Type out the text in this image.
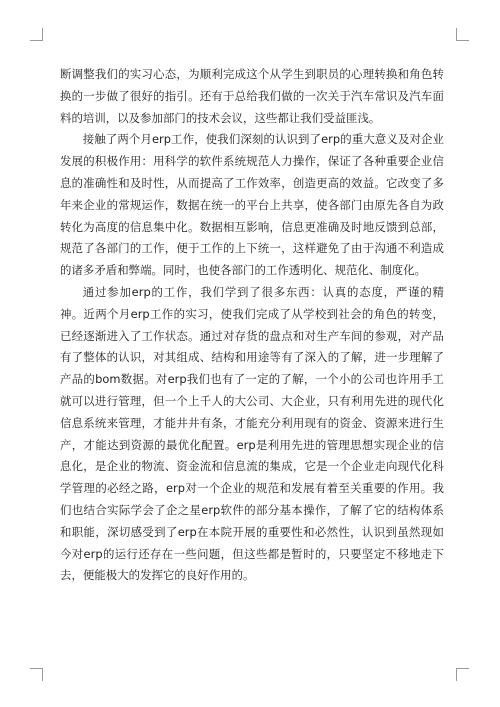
断调整我们的实习心态，为顺利完成这个从学生到职员的心理转换和角色转换的一步做了很好的指引。还有于总给我们做的一次关于汽车常识及汽车面料的培训，以及参加部门的技术会议，这些都让我们受益匪浅。

接触了两个月erp工作，使我们深刻的认识到了erp的重大意义及对企业发展的积极作用：用科学的软件系统规范人力操作，保证了各种重要企业信息的准确性和及时性，从而提高了工作效率，创造更高的效益。它改变了多年来企业的常规运作，数据在统一的平台上共享，使各部门由原先各自为政转化为高度的信息集中化。数据相互影响，信息更准确及时地反馈到总部，规范了各部门的工作，便于工作的上下统一，这样避免了由于沟通不利造成的诸多矛盾和弊端。同时，也使各部门的工作透明化、规范化、制度化。

通过参加erp的工作，我们学到了很多东西：认真的态度，严谨的精神。近两个月erp工作的实习，使我们完成了从学校到社会的角色的转变，已经逐渐进入了工作状态。通过对存货的盘点和对生产车间的参观，对产品有了整体的认识，对其组成、结构和用途等有了深入的了解，进一步理解了产品的bom数据。对erp我们也有了一定的了解，一个小的公司也许用手工就可以进行管理，但一个上千人的大公司、大企业，只有利用先进的现代化信息系统来管理，才能井井有条，才能充分利用现有的资金、资源来进行生产，才能达到资源的最优化配置。erp是利用先进的管理思想实现企业的信息化，是企业的物流、资金流和信息流的集成，它是一个企业走向现代化科学管理的必经之路，erp对一个企业的规范和发展有着至关重要的作用。我们也结合实际学会了企之星erp软件的部分基本操作，了解了它的结构体系和职能，深切感受到了erp在本院开展的重要性和必然性，认识到虽然现如今对erp的运行还存在一些问题，但这些都是暂时的，只要坚定不移地走下去，便能极大的发挥它的良好作用的。
